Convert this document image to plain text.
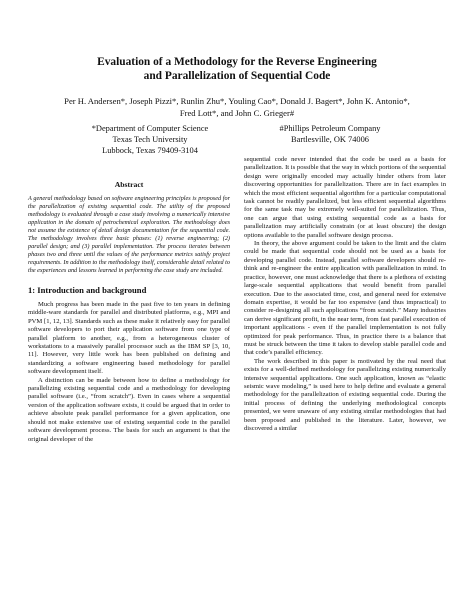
Evaluation of a Methodology for the Reverse Engineering
and Parallelization of Sequential Code
Per H. Andersen*, Joseph Pizzi*, Runlin Zhu*, Youling Cao*, Donald J. Bagert*, John K. Antonio*,
Fred Lott*, and John C. Grieger#
*Department of Computer Science
Texas Tech University
Lubbock, Texas 79409-3104
#Phillips Petroleum Company
Bartlesville, OK 74006
Abstract
A general methodology based on software engineering principles is proposed for the parallelization of existing sequential code. The utility of the proposed methodology is evaluated through a case study involving a numerically intensive application in the domain of petrochemical exploration. The methodology does not assume the existence of detail design documentation for the sequential code. The methodology involves three basic phases: (1) reverse engineering; (2) parallel design; and (3) parallel implementation. The process iterates between phases two and three until the values of the performance metrics satisfy project requirements. In addition to the methodology itself, considerable detail related to the experiences and lessons learned in performing the case study are included.
1: Introduction and background

Much progress has been made in the past five to ten years in defining middle-ware standards for parallel and distributed platforms, e.g., MPI and PVM [1, 12, 13]. Standards such as these make it relatively easy for parallel software developers to port their application software from one type of parallel platform to another, e.g., from a heterogeneous cluster of workstations to a massively parallel processor such as the IBM SP [3, 10, 11]. However, very little work has been published on defining and standardizing a software engineering based methodology for parallel software development itself.

A distinction can be made between how to define a methodology for parallelizing existing sequential code and a methodology for developing parallel software (i.e., “from scratch”). Even in cases where a sequential version of the application software exists, it could be argued that in order to achieve absolute peak parallel performance for a given application, one should not make extensive use of existing sequential code in the parallel software development process. The basis for such an argument is that the original developer of the

sequential code never intended that the code be used as a basis for parallelization. It is possible that the way in which portions of the sequential design were originally encoded may actually hinder others from later discovering opportunities for parallelization. There are in fact examples in which the most efficient sequential algorithm for a particular computational task cannot be readily parallelized, but less efficient sequential algorithms for the same task may be extremely well-suited for parallelization. Thus, one can argue that using existing sequential code as a basis for parallelization may artificially constrain (or at least obscure) the design options available to the parallel software design process.

In theory, the above argument could be taken to the limit and the claim could be made that sequential code should not be used as a basis for developing parallel code. Instead, parallel software developers should re-think and re-engineer the entire application with parallelization in mind. In practice, however, one must acknowledge that there is a plethora of existing large-scale sequential applications that would benefit from parallel execution. Due to the associated time, cost, and general need for extensive domain expertise, it would be far too expensive (and thus impractical) to consider re-designing all such applications “from scratch.” Many industries can derive significant profit, in the near term, from fast parallel execution of important applications - even if the parallel implementation is not fully optimized for peak performance. Thus, in practice there is a balance that must be struck between the time it takes to develop stable parallel code and that code’s parallel efficiency.

The work described in this paper is motivated by the real need that exists for a well-defined methodology for parallelizing existing numerically intensive sequential applications. One such application, known as “elastic seismic wave modeling,” is used here to help define and evaluate a general methodology for the parallelization of existing sequential code. During the initial process of defining the underlying methodological concepts presented, we were unaware of any existing similar methodologies that had been proposed and published in the literature. Later, however, we discovered a similar
